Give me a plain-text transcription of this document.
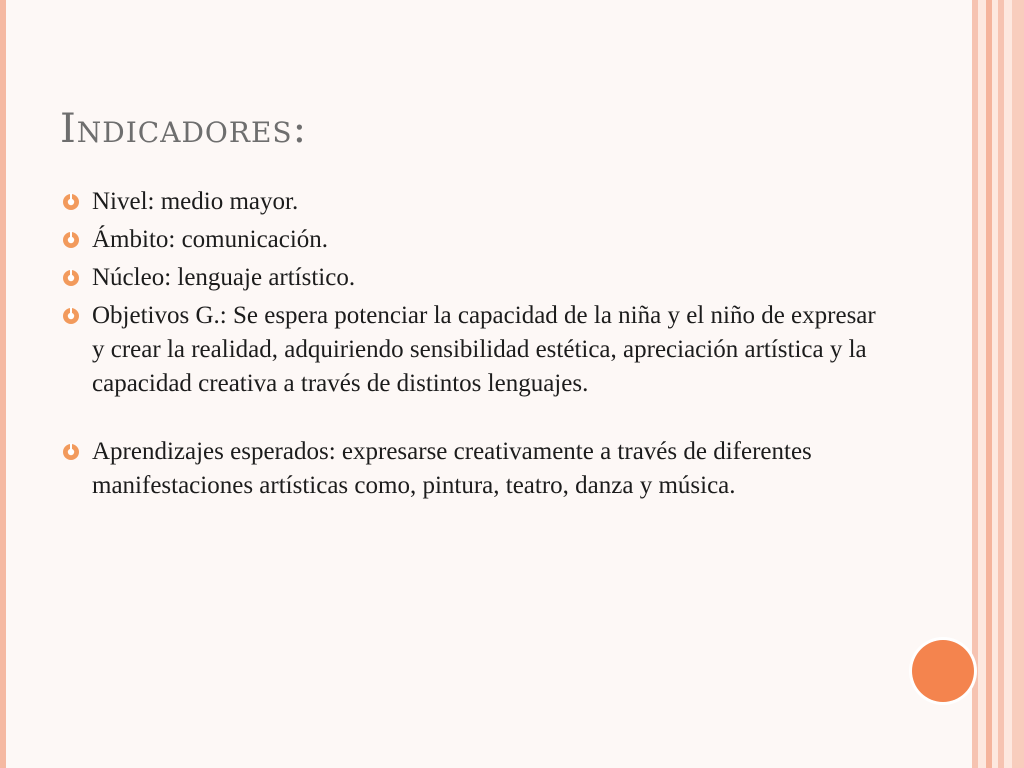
Indicadores:
Nivel: medio mayor.
Ámbito: comunicación.
Núcleo: lenguaje artístico.
Objetivos G.: Se espera potenciar la capacidad de la niña y el niño de expresar y crear la realidad, adquiriendo sensibilidad estética, apreciación artística y la capacidad creativa a través de distintos lenguajes.
Aprendizajes esperados: expresarse creativamente a través de diferentes manifestaciones artísticas como, pintura, teatro, danza y música.
